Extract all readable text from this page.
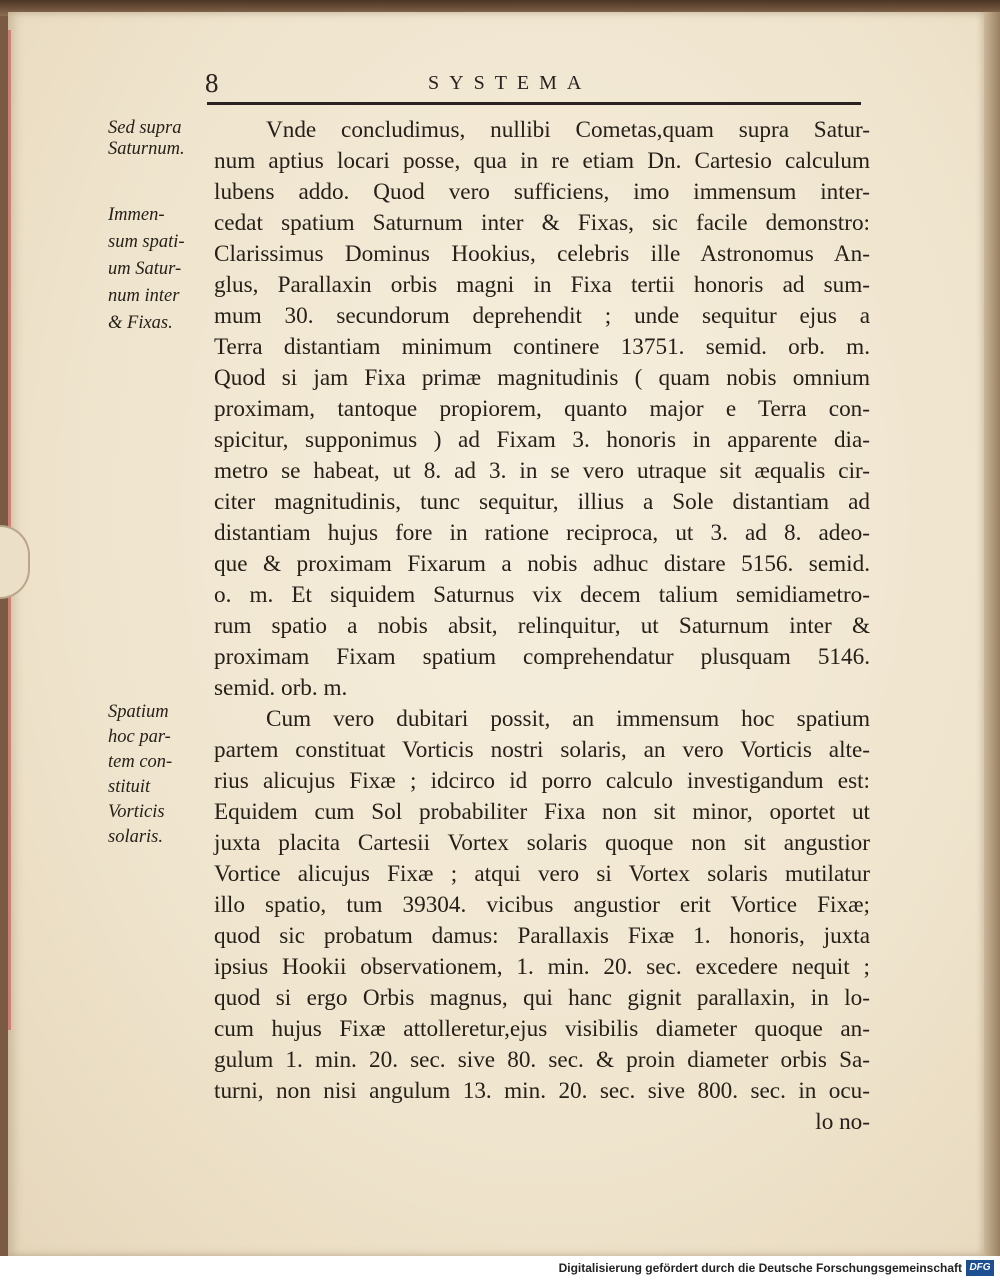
8	SYSTEMA
Sed supra
Saturnum.
Immen-
sum spati-
um Satur-
num inter
& Fixas.
Spatium
hoc par-
tem con-
stituit
Vorticis
solaris.
Vnde concludimus, nullibi Cometas,quam supra Satur-
num aptius locari posse, qua in re etiam Dn. Cartesio calculum
lubens addo. Quod vero sufficiens, imo immensum inter-
cedat spatium Saturnum inter & Fixas, sic facile demonstro:
Clarissimus Dominus Hookius, celebris ille Astronomus An-
glus, Parallaxin orbis magni in Fixa tertii honoris ad sum-
mum 30. secundorum deprehendit ; unde sequitur ejus a
Terra distantiam minimum continere 13751. semid. orb. m.
Quod si jam Fixa primæ magnitudinis ( quam nobis omnium
proximam, tantoque propiorem, quanto major e Terra con-
spicitur, supponimus ) ad Fixam 3. honoris in apparente dia-
metro se habeat, ut 8. ad 3. in se vero utraque sit æqualis cir-
citer magnitudinis, tunc sequitur, illius a Sole distantiam ad
distantiam hujus fore in ratione reciproca, ut 3. ad 8. adeo-
que & proximam Fixarum a nobis adhuc distare 5156. semid.
o. m. Et siquidem Saturnus vix decem talium semidiametro-
rum spatio a nobis absit, relinquitur, ut Saturnum inter &
proximam Fixam spatium comprehendatur plusquam 5146.
semid. orb. m.
Cum vero dubitari possit, an immensum hoc spatium
partem constituat Vorticis nostri solaris, an vero Vorticis alte-
rius alicujus Fixæ ; idcirco id porro calculo investigandum est:
Equidem cum Sol probabiliter Fixa non sit minor, oportet ut
juxta placita Cartesii Vortex solaris quoque non sit angustior
Vortice alicujus Fixæ ; atqui vero si Vortex solaris mutilatur
illo spatio, tum 39304. vicibus angustior erit Vortice Fixæ;
quod sic probatum damus: Parallaxis Fixæ 1. honoris, juxta
ipsius Hookii observationem, 1. min. 20. sec. excedere nequit ;
quod si ergo Orbis magnus, qui hanc gignit parallaxin, in lo-
cum hujus Fixæ attolleretur,ejus visibilis diameter quoque an-
gulum 1. min. 20. sec. sive 80. sec. & proin diameter orbis Sa-
turni, non nisi angulum 13. min. 20. sec. sive 800. sec. in ocu-
lo no-
Digitalisierung gefördert durch die Deutsche Forschungsgemeinschaft DFG
